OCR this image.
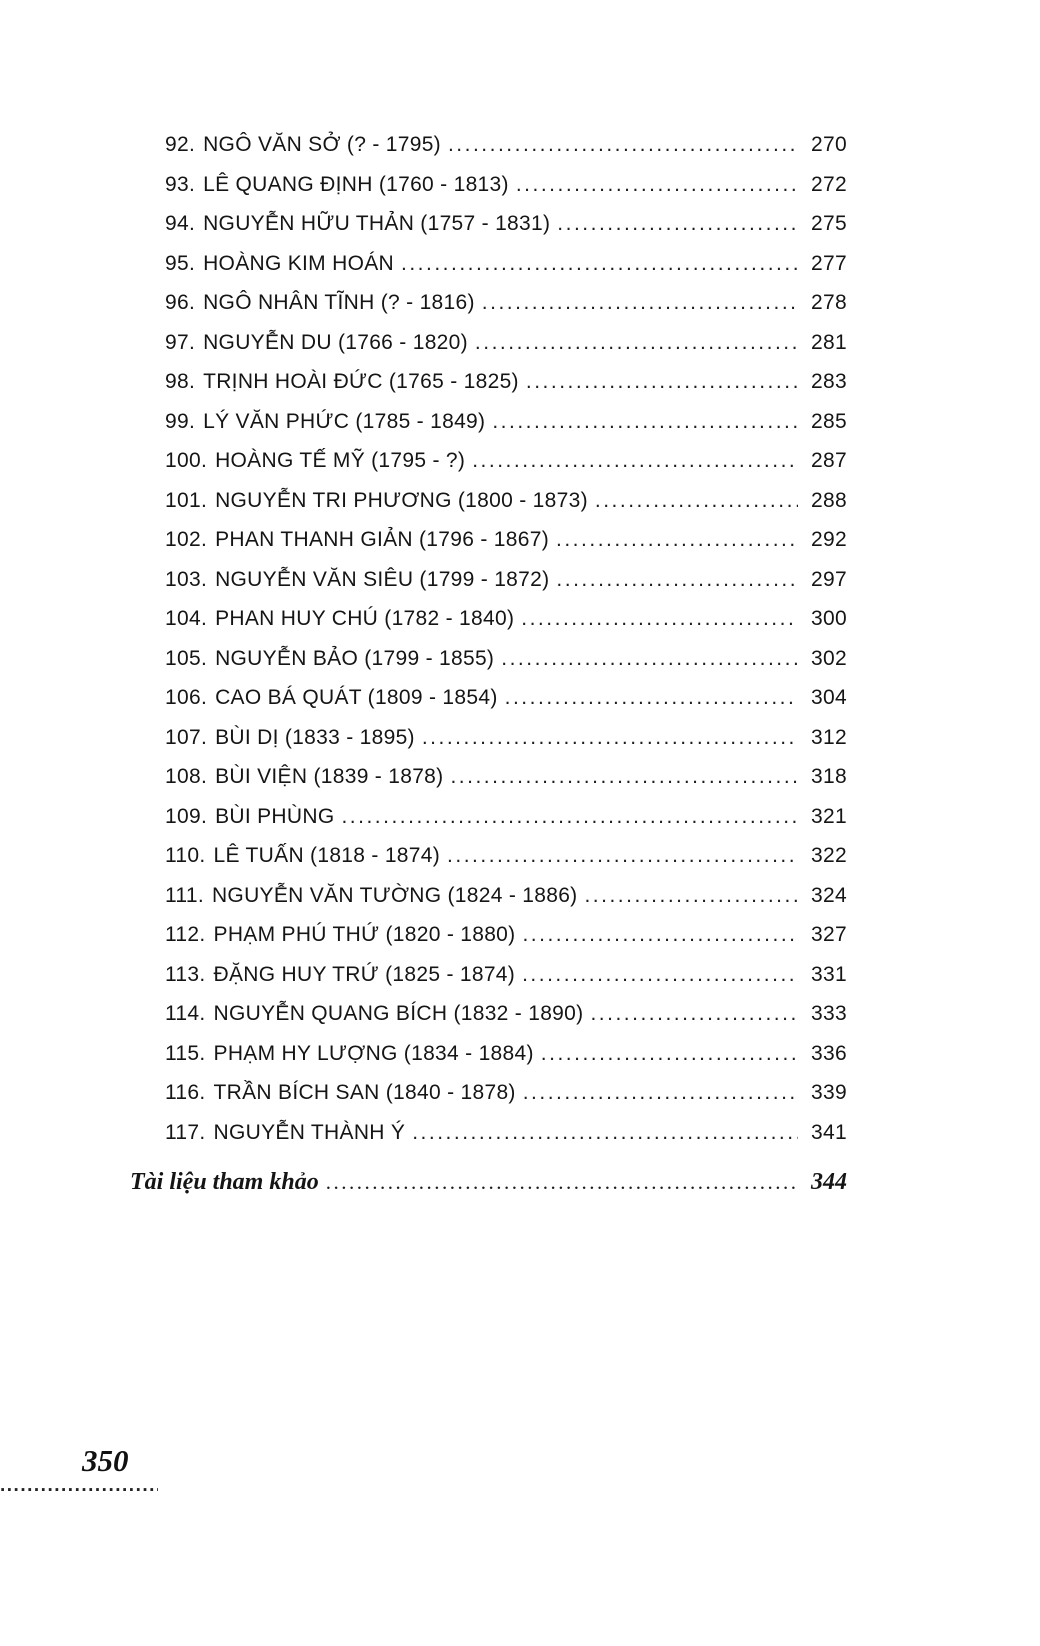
92. NGÔ VĂN SỞ (? - 1795) .....	270
93. LÊ QUANG ĐỊNH (1760 - 1813) .....	272
94. NGUYỄN HỮU THẢN (1757 - 1831) .....	275
95. HOÀNG KIM HOÁN .....	277
96. NGÔ NHÂN TĨNH (? - 1816) .....	278
97. NGUYỄN DU (1766 - 1820) .....	281
98. TRỊNH HOÀI ĐỨC (1765 - 1825) .....	283
99. LÝ VĂN PHỨC (1785 - 1849) .....	285
100. HOÀNG TẾ MỸ (1795 - ?) .....	287
101. NGUYỄN TRI PHƯƠNG (1800 - 1873) .....	288
102. PHAN THANH GIẢN (1796 - 1867) .....	292
103. NGUYỄN VĂN SIÊU (1799 - 1872) .....	297
104. PHAN HUY CHÚ (1782 - 1840) .....	300
105. NGUYỄN BẢO (1799 - 1855) .....	302
106. CAO BÁ QUÁT (1809 - 1854) .....	304
107. BÙI DỊ (1833 - 1895) .....	312
108. BÙI VIỆN (1839 - 1878) .....	318
109. BÙI PHÙNG .....	321
110. LÊ TUẤN (1818 - 1874) .....	322
111. NGUYỄN VĂN TƯỜNG (1824 - 1886) .....	324
112. PHẠM PHÚ THỨ (1820 - 1880) .....	327
113. ĐẶNG HUY TRỨ (1825 - 1874) .....	331
114. NGUYỄN QUANG BÍCH (1832 - 1890) .....	333
115. PHẠM HY LƯỢNG (1834 - 1884) .....	336
116. TRẦN BÍCH SAN (1840 - 1878) .....	339
117. NGUYỄN THÀNH Ý .....	341
Tài liệu tham khảo .....	344
350
.....
